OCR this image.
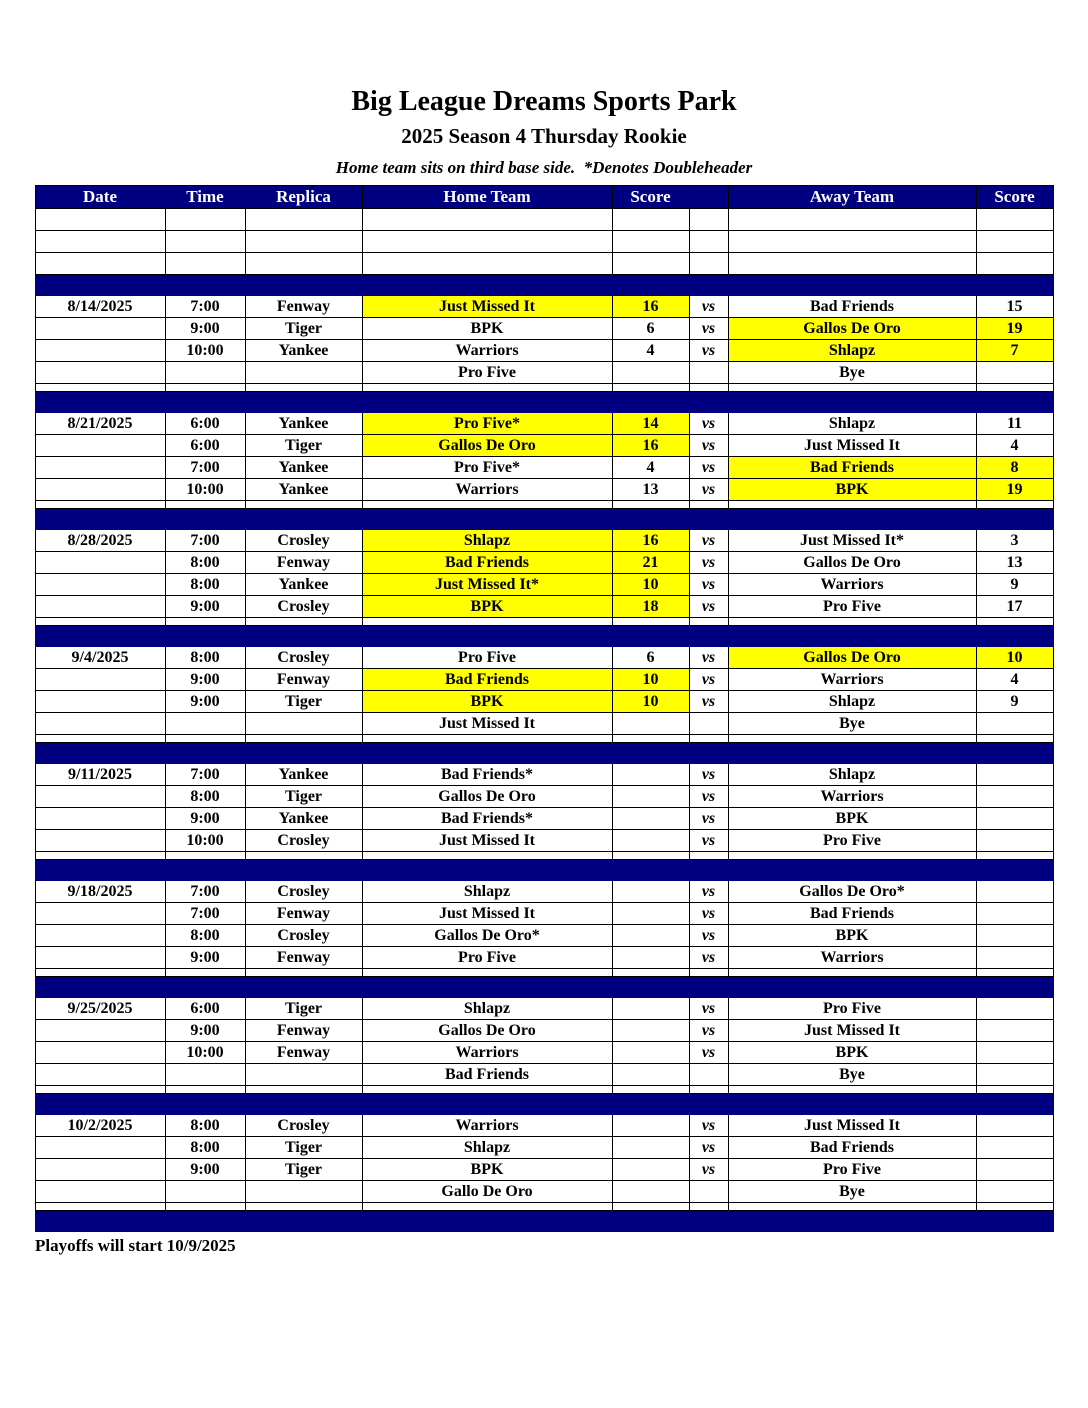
Big League Dreams Sports Park
2025 Season 4 Thursday Rookie

Home team sits on third base side.  *Denotes Doubleheader

Date	Time	Replica	Home Team	Score		Away Team	Score

8/14/2025	7:00	Fenway	Just Missed It	16	vs	Bad Friends	15
	9:00	Tiger	BPK	6	vs	Gallos De Oro	19
	10:00	Yankee	Warriors	4	vs	Shlapz	7
			Pro Five			Bye	

8/21/2025	6:00	Yankee	Pro Five*	14	vs	Shlapz	11
	6:00	Tiger	Gallos De Oro	16	vs	Just Missed It	4
	7:00	Yankee	Pro Five*	4	vs	Bad Friends	8
	10:00	Yankee	Warriors	13	vs	BPK	19

8/28/2025	7:00	Crosley	Shlapz	16	vs	Just Missed It*	3
	8:00	Fenway	Bad Friends	21	vs	Gallos De Oro	13
	8:00	Yankee	Just Missed It*	10	vs	Warriors	9
	9:00	Crosley	BPK	18	vs	Pro Five	17

9/4/2025	8:00	Crosley	Pro Five	6	vs	Gallos De Oro	10
	9:00	Fenway	Bad Friends	10	vs	Warriors	4
	9:00	Tiger	BPK	10	vs	Shlapz	9
			Just Missed It			Bye	

9/11/2025	7:00	Yankee	Bad Friends*		vs	Shlapz	
	8:00	Tiger	Gallos De Oro		vs	Warriors	
	9:00	Yankee	Bad Friends*		vs	BPK	
	10:00	Crosley	Just Missed It		vs	Pro Five	

9/18/2025	7:00	Crosley	Shlapz		vs	Gallos De Oro*	
	7:00	Fenway	Just Missed It		vs	Bad Friends	
	8:00	Crosley	Gallos De Oro*		vs	BPK	
	9:00	Fenway	Pro Five		vs	Warriors	

9/25/2025	6:00	Tiger	Shlapz		vs	Pro Five	
	9:00	Fenway	Gallos De Oro		vs	Just Missed It	
	10:00	Fenway	Warriors		vs	BPK	
			Bad Friends			Bye	

10/2/2025	8:00	Crosley	Warriors		vs	Just Missed It	
	8:00	Tiger	Shlapz		vs	Bad Friends	
	9:00	Tiger	BPK		vs	Pro Five	
			Gallo De Oro			Bye	

Playoffs will start 10/9/2025
